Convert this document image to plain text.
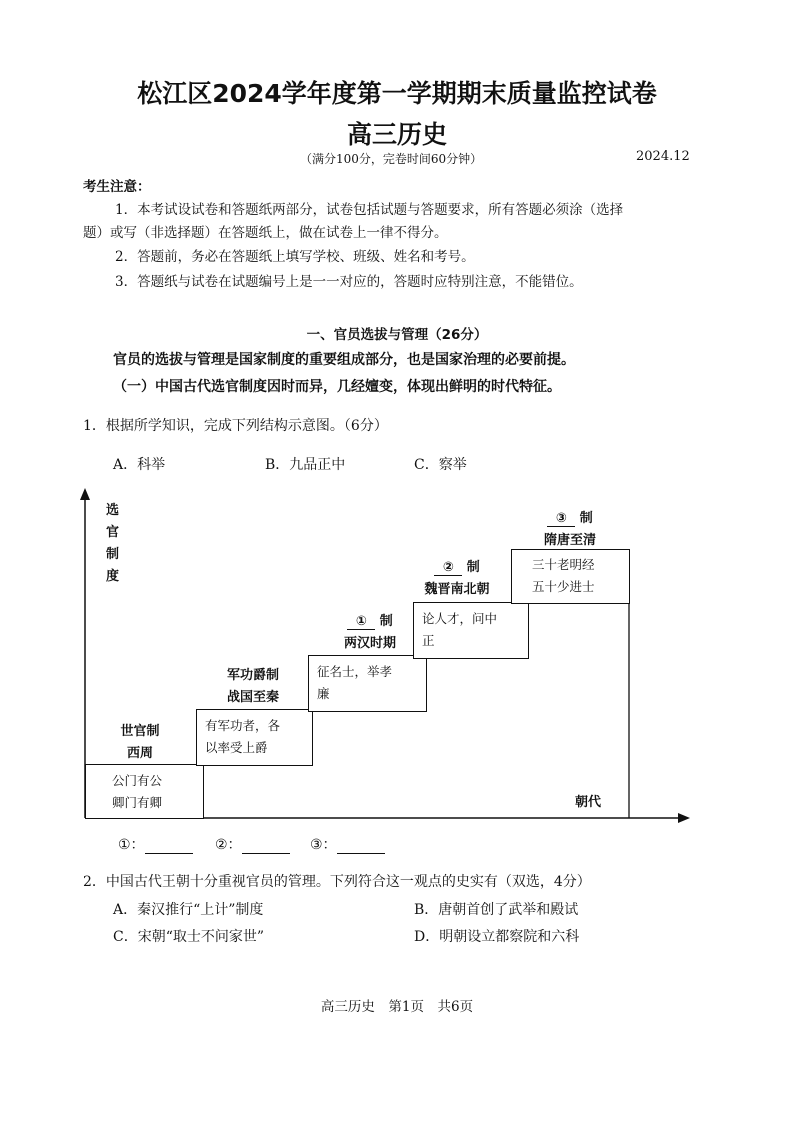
松江区2024学年度第一学期期末质量监控试卷
高三历史
（满分100分，完卷时间60分钟）	2024.12
考生注意：
1．本考试设试卷和答题纸两部分，试卷包括试题与答题要求，所有答题必须涂（选择
题）或写（非选择题）在答题纸上，做在试卷上一律不得分。
2．答题前，务必在答题纸上填写学校、班级、姓名和考号。
3．答题纸与试卷在试题编号上是一一对应的，答题时应特别注意，不能错位。
一、官员选拔与管理（26分）
官员的选拔与管理是国家制度的重要组成部分，也是国家治理的必要前提。
（一）中国古代选官制度因时而异，几经嬗变，体现出鲜明的时代特征。
1．根据所学知识，完成下列结构示意图。（6分）
A．科举	B．九品正中	C．察举
选
官
制
度
朝代
世官制
西周
公门有公
卿门有卿
军功爵制
战国至秦
有军功者，各
以率受上爵
① 制
两汉时期
征名士，举孝
廉
② 制
魏晋南北朝
论人才，问中
正
③ 制
隋唐至清
三十老明经
五十少进士
①：	②：	③：
2．中国古代王朝十分重视官员的管理。下列符合这一观点的史实有（双选，4分）
A．秦汉推行“上计”制度	B．唐朝首创了武举和殿试
C．宋朝“取士不问家世”	D．明朝设立都察院和六科
高三历史　第1页　共6页
